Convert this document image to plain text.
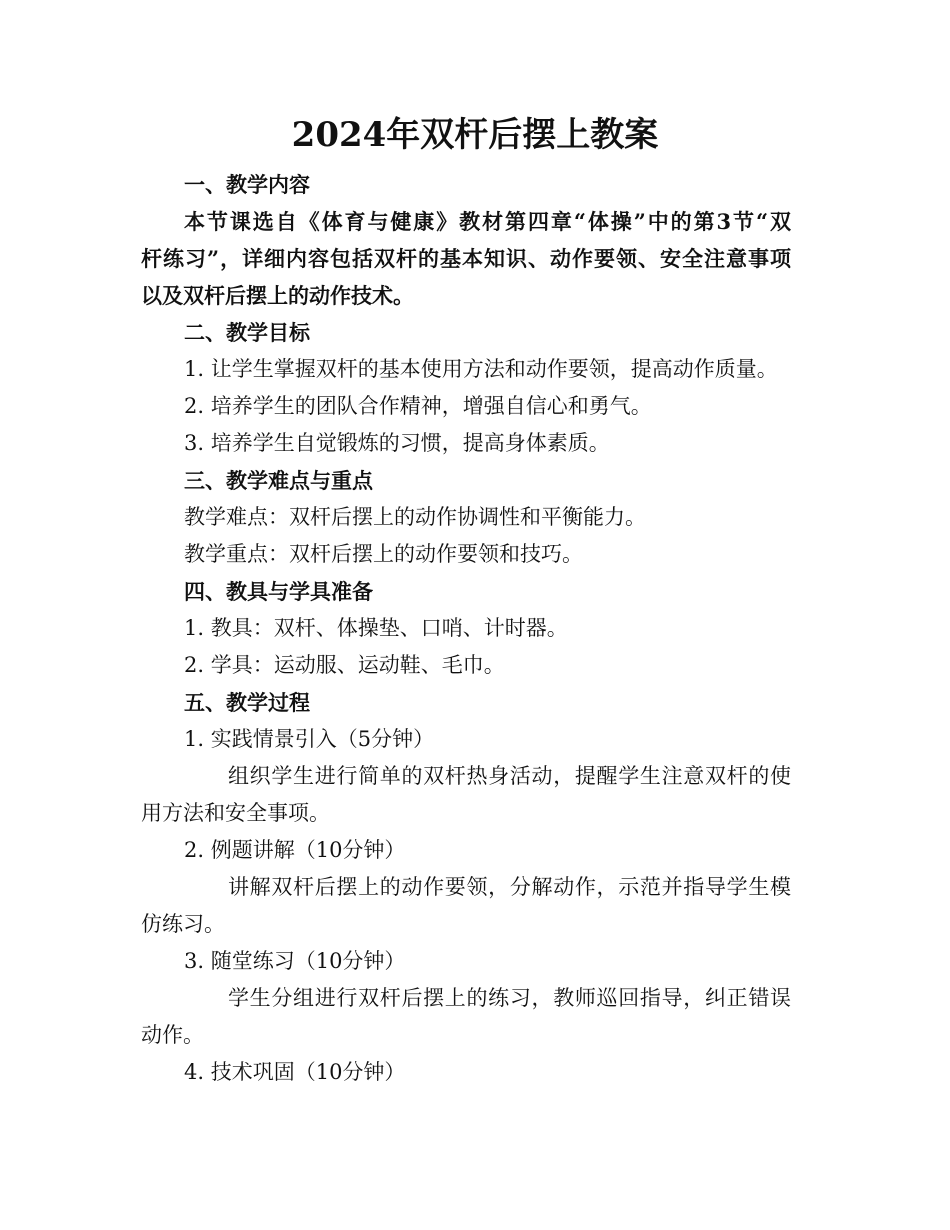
2024年双杆后摆上教案
一、教学内容
本节课选自《体育与健康》教材第四章“体操”中的第3节“双
杆练习”，详细内容包括双杆的基本知识、动作要领、安全注意事项
以及双杆后摆上的动作技术。
二、教学目标
1. 让学生掌握双杆的基本使用方法和动作要领，提高动作质量。
2. 培养学生的团队合作精神，增强自信心和勇气。
3. 培养学生自觉锻炼的习惯，提高身体素质。
三、教学难点与重点
教学难点：双杆后摆上的动作协调性和平衡能力。
教学重点：双杆后摆上的动作要领和技巧。
四、教具与学具准备
1. 教具：双杆、体操垫、口哨、计时器。
2. 学具：运动服、运动鞋、毛巾。
五、教学过程
1. 实践情景引入（5分钟）
组织学生进行简单的双杆热身活动，提醒学生注意双杆的使
用方法和安全事项。
2. 例题讲解（10分钟）
讲解双杆后摆上的动作要领，分解动作，示范并指导学生模
仿练习。
3. 随堂练习（10分钟）
学生分组进行双杆后摆上的练习，教师巡回指导，纠正错误
动作。
4. 技术巩固（10分钟）
